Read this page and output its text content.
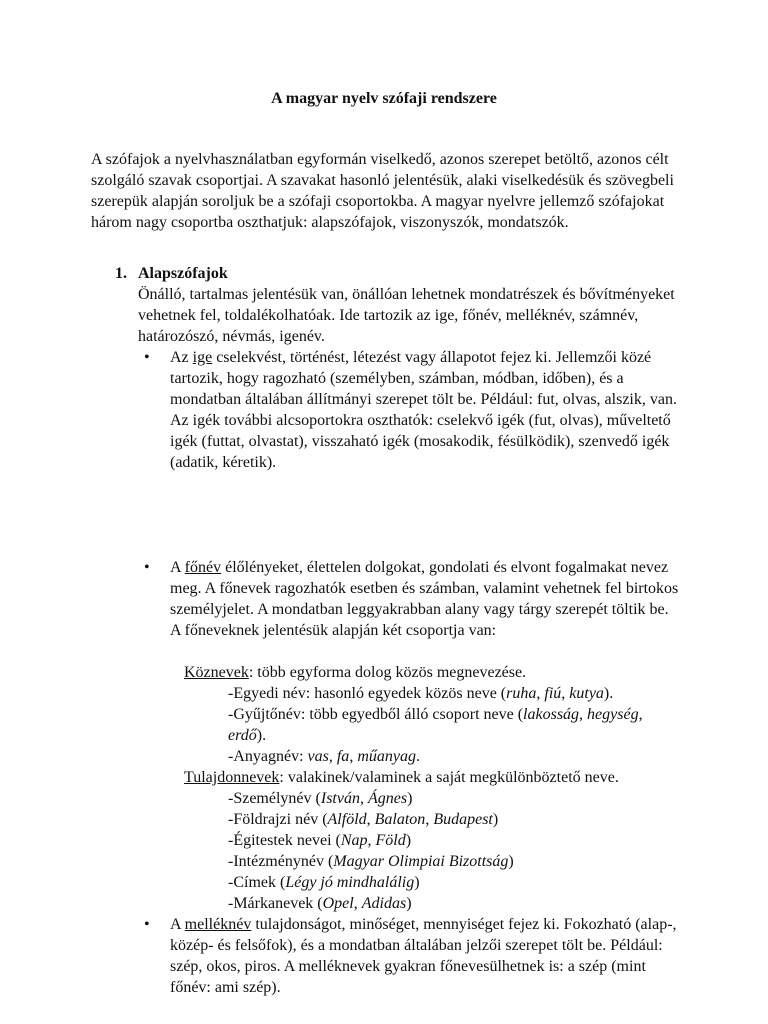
A magyar nyelv szófaji rendszere
A szófajok a nyelvhasználatban egyformán viselkedő, azonos szerepet betöltő, azonos célt szolgáló szavak csoportjai. A szavakat hasonló jelentésük, alaki viselkedésük és szövegbeli szerepük alapján soroljuk be a szófaji csoportokba. A magyar nyelvre jellemző szófajokat három nagy csoportba oszthatjuk: alapszófajok, viszonyszók, mondatszók.
1. Alapszófajok
Önálló, tartalmas jelentésük van, önállóan lehetnek mondatrészek és bővítményeket vehetnek fel, toldalékolhatóak. Ide tartozik az ige, főnév, melléknév, számnév, határozószó, névmás, igenév.
• Az ige cselekvést, történést, létezést vagy állapotot fejez ki. Jellemzői közé tartozik, hogy ragozható (személyben, számban, módban, időben), és a mondatban általában állítmányi szerepet tölt be. Például: fut, olvas, alszik, van. Az igék további alcsoportokra oszthatók: cselekvő igék (fut, olvas), műveltető igék (futtat, olvastat), visszaható igék (mosakodik, fésülködik), szenvedő igék (adatik, kéretik).
• A főnév élőlényeket, élettelen dolgokat, gondolati és elvont fogalmakat nevez meg. A főnevek ragozhatók esetben és számban, valamint vehetnek fel birtokos személyjelet. A mondatban leggyakrabban alany vagy tárgy szerepét töltik be. A főneveknek jelentésük alapján két csoportja van:
Köznevek: több egyforma dolog közös megnevezése.
-Egyedi név: hasonló egyedek közös neve (ruha, fiú, kutya).
-Gyűjtőnév: több egyedből álló csoport neve (lakosság, hegység, erdő).
-Anyagnév: vas, fa, műanyag.
Tulajdonnevek: valakinek/valaminek a saját megkülönböztető neve.
-Személynév (István, Ágnes)
-Földrajzi név (Alföld, Balaton, Budapest)
-Égitestek nevei (Nap, Föld)
-Intézménynév (Magyar Olimpiai Bizottság)
-Címek (Légy jó mindhalálig)
-Márkanevek (Opel, Adidas)
• A melléknév tulajdonságot, minőséget, mennyiséget fejez ki. Fokozható (alap-, közép- és felsőfok), és a mondatban általában jelzői szerepet tölt be. Például: szép, okos, piros. A melléknevek gyakran főnevesülhetnek is: a szép (mint főnév: ami szép).
